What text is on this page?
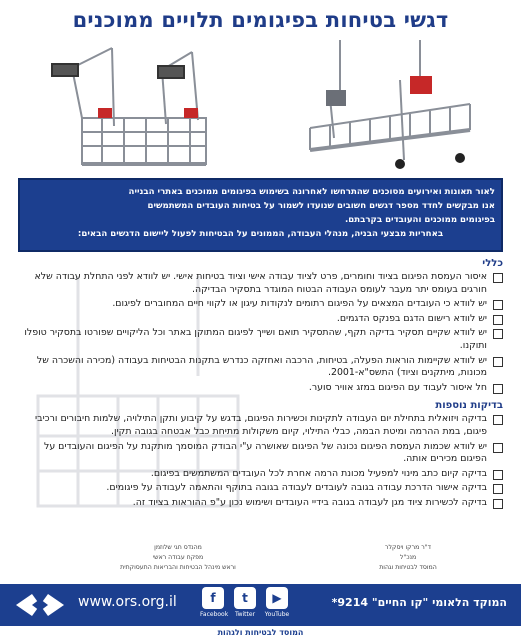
דגשי בטיחות בפיגומים תלויים ממוכנים

לאור תאונות ואירועים מסוכנים שהתרחשו לאחרונה בשימוש בפיגומים ממוכנים באתרי הבנייה

אנו מבקשים לחדד מספר דגשים חשובים שנועדו לשמור על בטיחות העובדים המשתמשים

בפיגומים ממוכנים והעובדים בקרבתם.

באחריות מבצעי הבניה, מנהלי העבודה, הממונים על הבטיחות לפעול ליישום הדגשים הבאים:

כללי
איסור העמסת הפיגום בציוד וחומרים, פרט לציוד עבודה אישי וציוד בטיחות אישי. יש לוודא לפני התחלת עבודה שלא חורגים בעומס יתר מעבר לעומס העבודה הבטוח המוגדר בתסקיר הבדיקה.
יש לוודא כי העובדים המצאים על הפיגום רתומים לנקודות עיגון או לקווי חיים המחוברים לפיגום.
יש לוודא רישום הדגם בפנקס הדגמים.
יש לוודא שקיים תסקיר בדיקה תקף, שהתסקיר תואם ושייך לפיגום המתוקן באתר וכל הליקויים שפורטו בתסקיר טופלו ותוקנו.
יש לוודא שקיימות הוראות הפעלה, בטיחות, הרכבה ואחזקה כנדרש בתקנות הבטיחות בעבודה (מכירה והשכרה של מכונות, מיתקנים וציוד) התשס"א-2001.
חל איסור לעבוד עם הפיגום במזג אוויר סוער.
בדיקות נוספות
בדיקה ויזואלית בתחילת יום העבודה לתקינות וכשירות הפיגום, בדגש על קיבוע ותקן התילויה, שלמות חיבורים ורכיבי פיגום, במת ההרמה ומיטת הבמה, כבלי התילוי, קיום משקולות מתיחת כבל אבטחה בגובה תקין.
יש לוודא שכמות העמסת הפיגום נכונה של הפיגום שאושרה ע"י הבודק המוסמך מותקנת על הפיגום והעובדים על הפיגום מכירים אותה.
בדיקה קיום כתב מינוי למפעיל מכונת הרמה אחרת לכל העובדים המשתמשים בפיגום.
בדיקה אישור הדרכת עבודה בגובה לעובדים לעבודה בגובה בתוקף והתאמה לעבודה על פיגומים.
בדיקה לכשירות ציוד מגן לעבודה בגובה בידיי העובדים ושימוש נכון ע"פ ההוראות בציוד זה.
ד"ר מרקו ויסקלר
מנכ"ל
המוסד לבטיחות וגהות
מהנדס חגי שלוזמן
מפקח עבודה ראשי
וראש מינהל הבטיחות והבריאות התעסוקתית
www.ors.org.il	f
Facebook
t
Twitter
▶
YouTube
המוקד הלאומי "קו החיים" 9214*
המוסד לבטיחות ולגהות
